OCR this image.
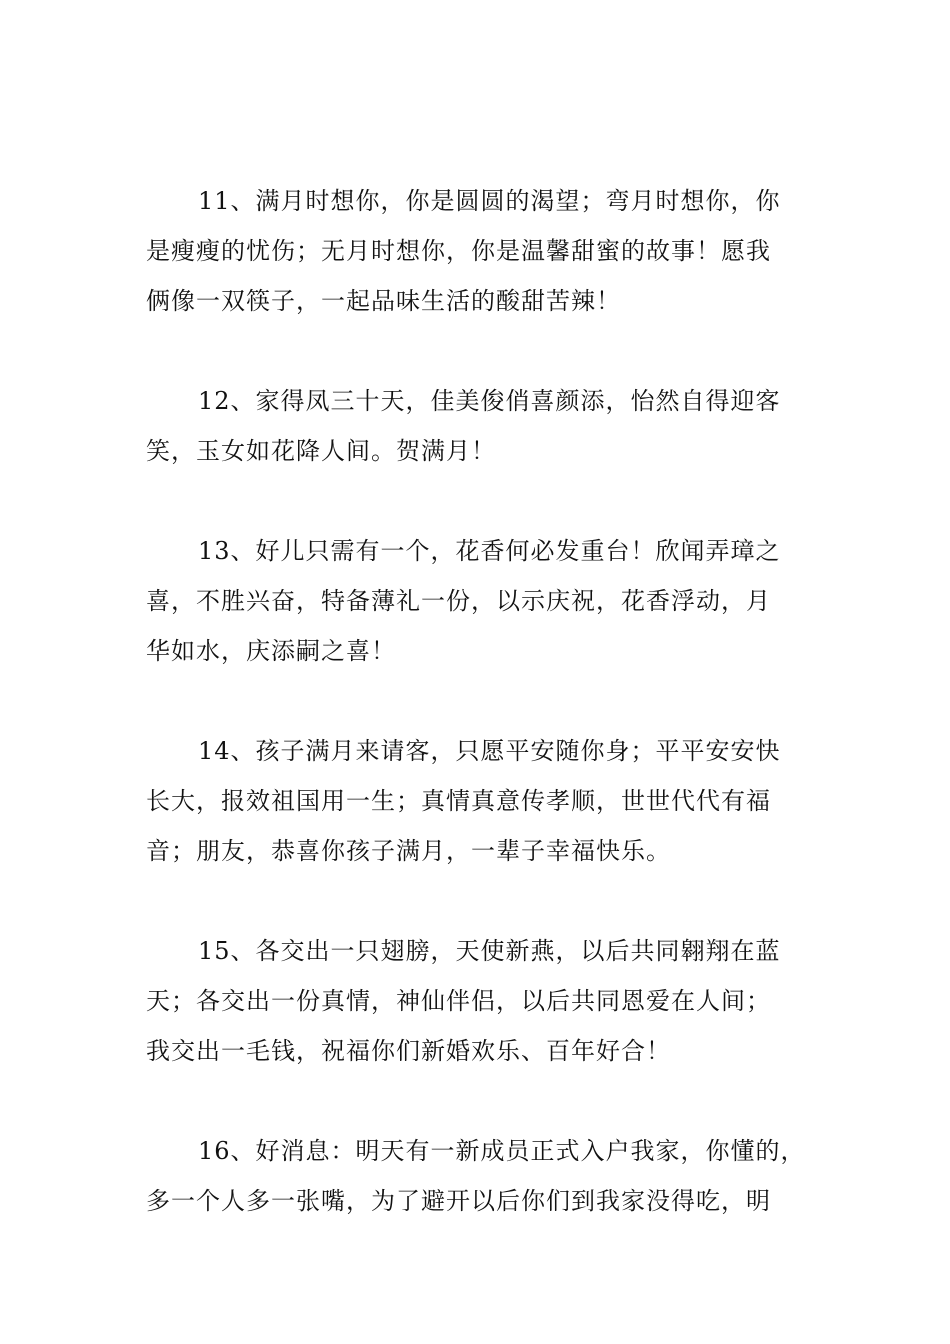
11、满月时想你，你是圆圆的渴望；弯月时想你，你
是瘦瘦的忧伤；无月时想你，你是温馨甜蜜的故事！愿我
俩像一双筷子，一起品味生活的酸甜苦辣！

12、家得凤三十天，佳美俊俏喜颜添，怡然自得迎客
笑，玉女如花降人间。贺满月！

13、好儿只需有一个，花香何必发重台！欣闻弄璋之
喜，不胜兴奋，特备薄礼一份，以示庆祝，花香浮动，月
华如水，庆添嗣之喜！

14、孩子满月来请客，只愿平安随你身；平平安安快
长大，报效祖国用一生；真情真意传孝顺，世世代代有福
音；朋友，恭喜你孩子满月，一辈子幸福快乐。

15、各交出一只翅膀，天使新燕，以后共同翱翔在蓝
天；各交出一份真情，神仙伴侣，以后共同恩爱在人间；
我交出一毛钱，祝福你们新婚欢乐、百年好合！

16、好消息：明天有一新成员正式入户我家，你懂的，
多一个人多一张嘴，为了避开以后你们到我家没得吃，明
